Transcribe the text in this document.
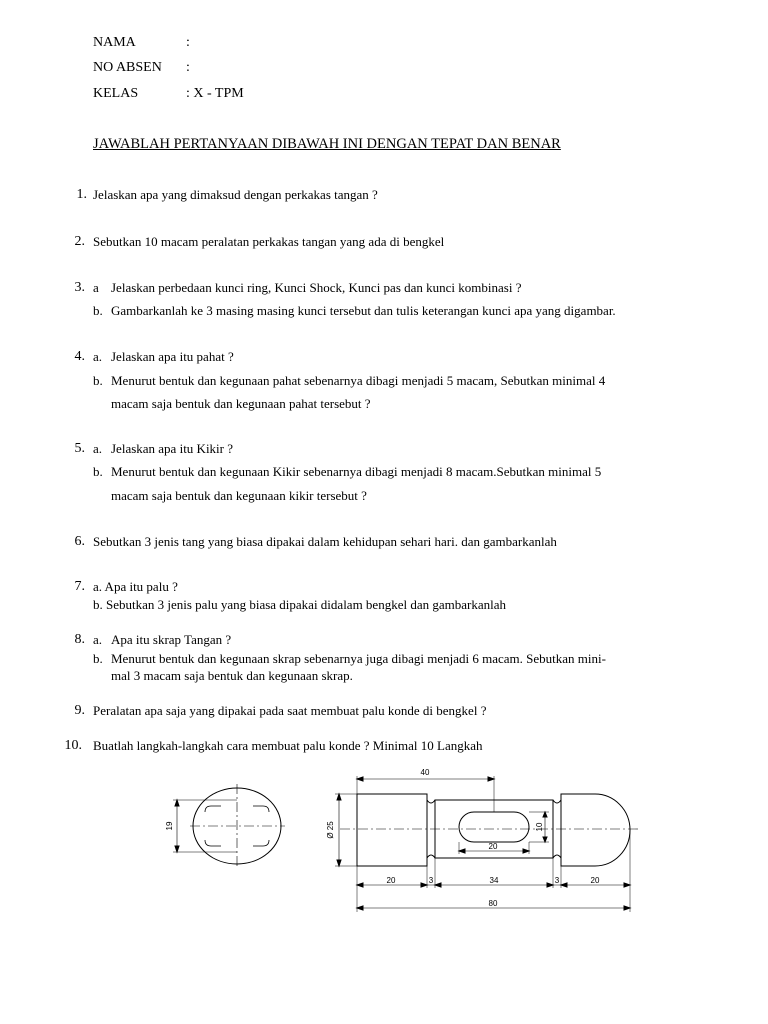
NAMA	:
NO ABSEN :
KELAS	: X - TPM
JAWABLAH PERTANYAAN DIBAWAH INI DENGAN TEPAT DAN BENAR
1. Jelaskan apa yang dimaksud dengan perkakas tangan ?
2. Sebutkan 10 macam peralatan perkakas tangan yang ada di bengkel
3. a Jelaskan perbedaan kunci ring, Kunci Shock, Kunci pas dan kunci kombinasi ?
b. Gambarkanlah ke 3 masing masing kunci tersebut dan tulis keterangan kunci apa yang digambar.
4. a. Jelaskan apa itu pahat ?
b. Menurut bentuk dan kegunaan pahat sebenarnya dibagi menjadi 5 macam, Sebutkan minimal 4
macam saja bentuk dan kegunaan pahat tersebut ?
5. a. Jelaskan apa itu Kikir ?
b. Menurut bentuk dan kegunaan Kikir sebenarnya dibagi menjadi 8 macam.Sebutkan minimal 5
macam saja bentuk dan kegunaan kikir tersebut ?
6. Sebutkan 3 jenis tang yang biasa dipakai dalam kehidupan sehari hari. dan gambarkanlah
7. a. Apa itu palu ?
b. Sebutkan 3 jenis palu yang biasa dipakai didalam bengkel dan gambarkanlah
8. a. Apa itu skrap Tangan ?
b. Menurut bentuk dan kegunaan skrap sebenarnya juga dibagi menjadi 6 macam. Sebutkan mini-
mal 3 macam saja bentuk dan kegunaan skrap.
9. Peralatan apa saja yang dipakai pada saat membuat palu konde di bengkel ?
10. Buatlah langkah-langkah cara membuat palu konde ? Minimal 10 Langkah
19	Ø 25
40
10
20
20	3	34	3	20
80
